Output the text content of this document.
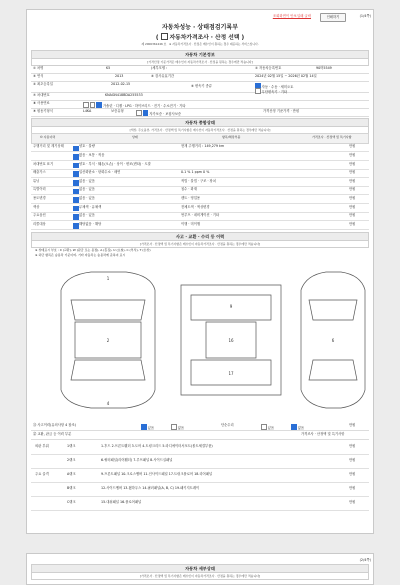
조회화면이 안보일때 클릭	인쇄하기	(1/4쪽)
자동차성능 · 상태점검기록부
( 자동차가격조사 · 산정 선택 )
제 2006361446 호 ※ 자동차가격조사 · 산정은 매수인이 원하는 경우 제공하는 서비스입니다.
자동차 기본정보
[가격산정 기준가격은 매수인이 자동차가격조사 · 산정을 원하는 경우에만 적습니다]
① 차명	K5	(세부모델 :	② 자동차등록번호	90머5549
③ 연식	2013	④ 검사유효기간	2024년 02월 15일 ~ 2026년 02월 14일
⑤ 최초등록일	2012-02-15	⑥ 변속기 종류	자동 · 수동 · 세미오토
무단변속기 · 기타
⑦ 차대번호	KNAGN418BDA255533
⑧ 사용연료
가솔린 · 디젤 · LPG · 하이브리드 · 전기 · 수소전기 · 기타
⑨ 원동기형식	L4KA	보증유형
자가보증 · 보험사보증
가격산정 기준가격 · 만원
자동차 종합상태
[색상, 주요옵션, 가격조사 · 산정액 및 특기사항은 매수인이 자동차가격조사 · 산정을 원하는 경우에만 적습니다]
⑩ 사용이력	상태	항목/해당부품	가격조사 · 산정액 및 특기사항
주행거리 및 계기상태	양호 · 불량	현재 주행거리 : 149,279 km	만원
많음 · 보통 · 적음	만원
차대번호 표기	양호 · 부식 · 훼손(오손) · 상이 · 변조(변타) · 도말	만원
배출가스	일산화탄소 · 탄화수소 · 매연	0.1 % 1 ppm 0 %	만원
튜닝	없음 · 있음	적법 · 불법 · 구조 · 장치	만원
특별이력	없음 · 있음	침수 · 화재	만원
용도변경	없음 · 있음	렌트 · 영업용	만원
색상	무채색 · 유채색	전체도색 · 색상변경	만원
주요옵션	없음 · 있음	썬루프 · 네비게이션 · 기타	만원
리콜대상	해당없음 · 해당	이행 · 미이행	만원
사고 · 교환 · 수리 등 이력
[가격조사 · 산정액 및 특기사항은 매수인이 자동차가격조사 · 산정을 원하는 경우에만 적습니다]
※ 상태표시 부호 : X (교환), W (판금 또는 용접), A (흠집), U (요철), C (부식), T (손상)
※ 하단 항목은 승용차 기준이며, 기타 자동차는 승용차에 준하여 표시
1
2
4
9
16
17
6
⑪ 사고이력(유의사항 4 참조)
있음	없음
단순수리
있음	없음
만원
⑫ 교환, 판금 등 이력 부분	가격조사 · 산정액 및 특기사항
외판 부위	1랭크	1.후드 2.프론트휀더 3.도어 4.트렁크리드 5.라디에이터서포트(볼트체결부품)	만원
2랭크	6.쿼터패널(리어휀더) 7.루프패널 8.사이드실패널	만원
주요 골격	A랭크	9.프론트패널 10.크로스멤버 11.인사이드패널 17.트렁크플로어 18.리어패널	만원
B랭크	12.사이드멤버 13.휠하우스 14.필러패널(A, B, C) 19.패키지트레이	만원
C랭크	15.대쉬패널 16.플로어패널	만원
(2/4쪽)
자동차 세부상태
[가격조사 · 산정액 및 특기사항은 매수인이 자동차가격조사 · 산정을 원하는 경우에만 적습니다]
